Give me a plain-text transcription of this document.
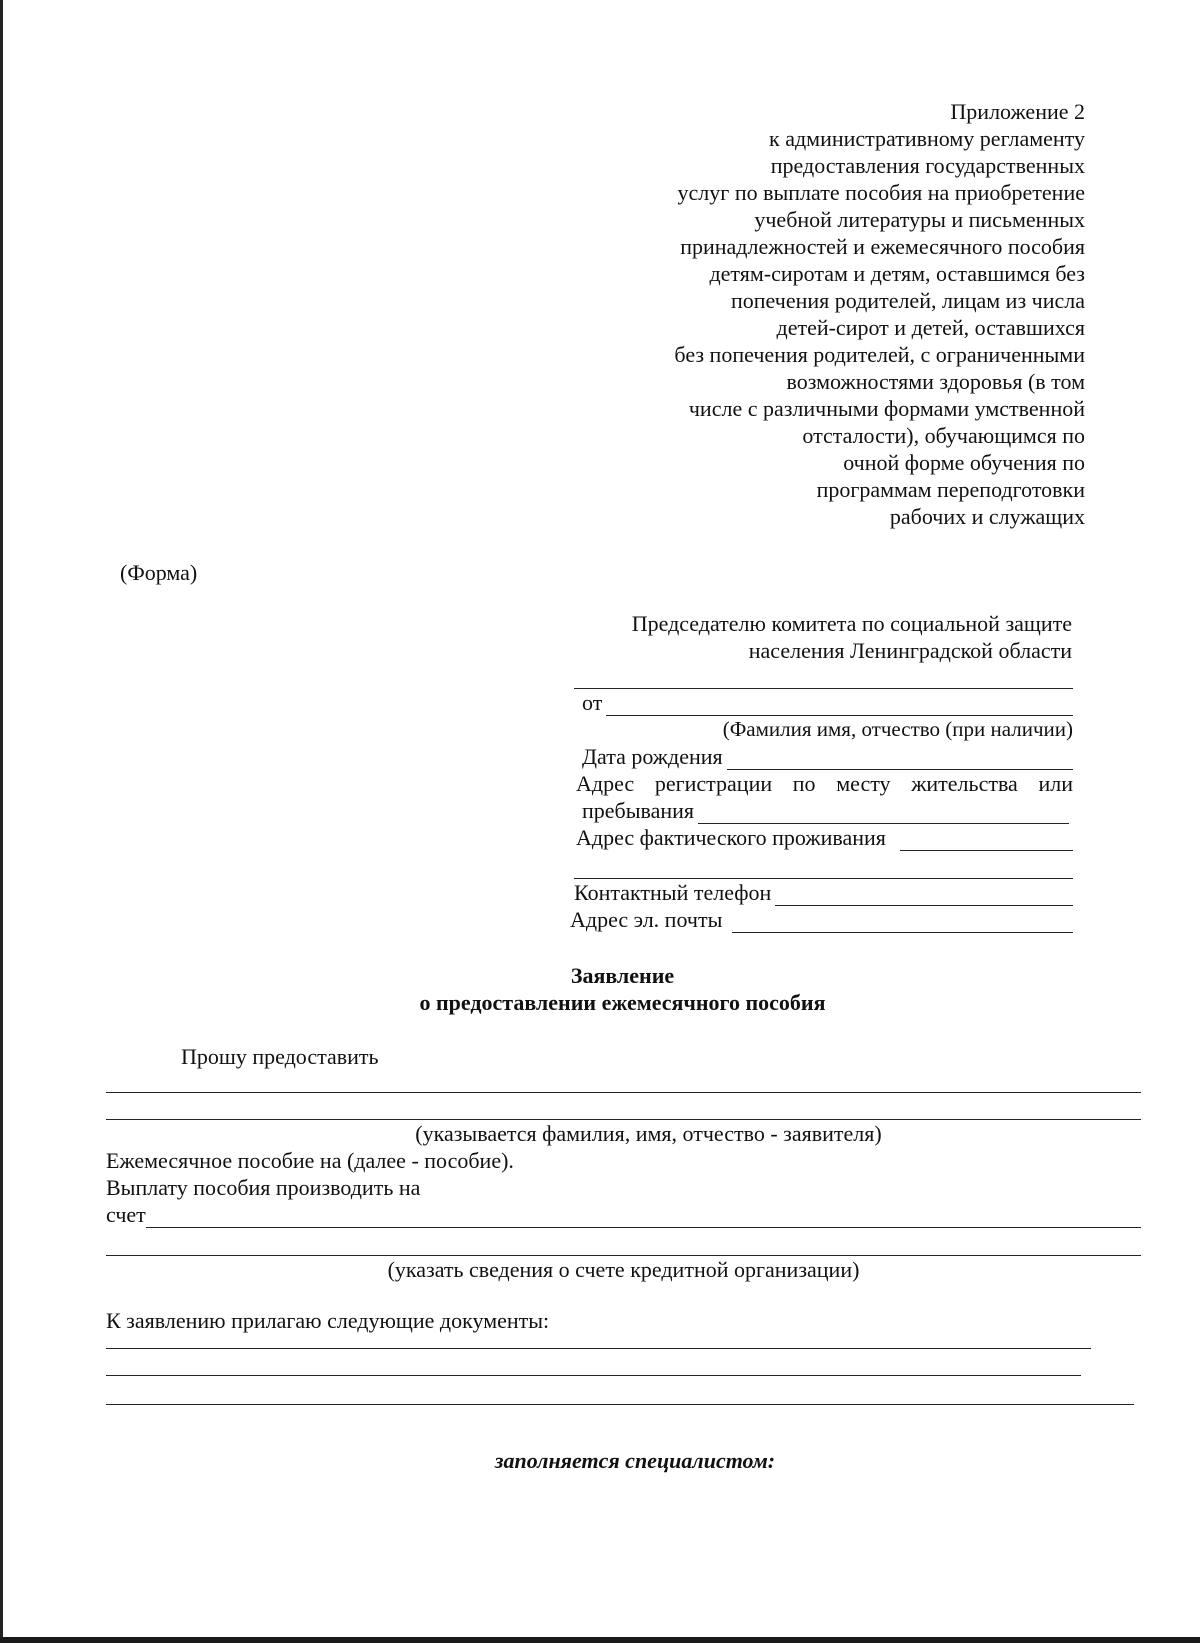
Приложение 2
к административному регламенту
предоставления государственных
услуг по выплате пособия на приобретение
учебной литературы и письменных
принадлежностей и ежемесячного пособия
детям-сиротам и детям, оставшимся без
попечения родителей, лицам из числа
детей-сирот и детей, оставшихся
без попечения родителей, с ограниченными
возможностями здоровья (в том
числе с различными формами умственной
отсталости), обучающимся по
очной форме обучения по
программам переподготовки
рабочих и служащих
(Форма)
Председателю комитета по социальной защите
населения Ленинградской области
от
(Фамилия имя, отчество (при наличии)
Дата рождения
Адрес регистрации по месту жительства или
пребывания
Адрес фактического проживания
Контактный телефон
Адрес эл. почты
Заявление
о предоставлении ежемесячного пособия
Прошу предоставить
(указывается фамилия, имя, отчество - заявителя)
Ежемесячное пособие на (далее - пособие).
Выплату пособия производить на
счет
(указать сведения о счете кредитной организации)
К заявлению прилагаю следующие документы:
заполняется специалистом:
